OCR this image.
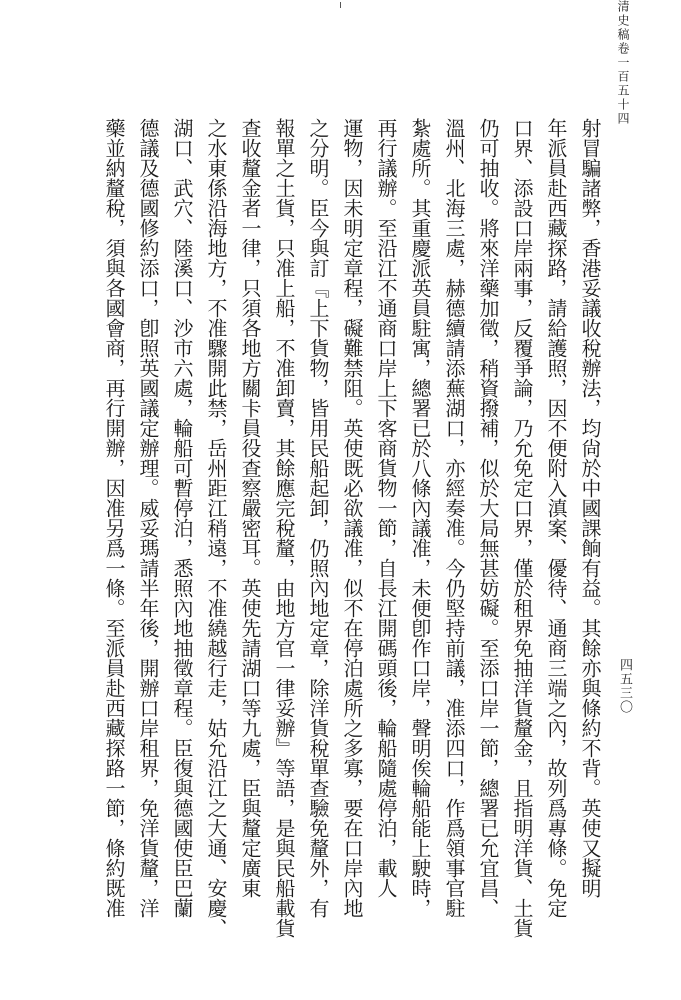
清史稿卷一百五十四
四五三〇
射冒騙諸弊，香港妥議收稅辦法，均尙於中國課餉有益。其餘亦與條約不背。英使又擬明
年派員赴西藏探路，請給護照，因不便附入滇案、優待、通商三端之內，故列爲專條。免定
口界、添設口岸兩事，反覆爭論，乃允免定口界，僅於租界免抽洋貨釐金，且指明洋貨、土貨
仍可抽收。將來洋藥加徵，稍資撥補，似於大局無甚妨礙。至添口岸一節，總署已允宜昌、
溫州、北海三處，赫德續請添蕪湖口，亦經奏准。今仍堅持前議，准添四口，作爲領事官駐
紮處所。其重慶派英員駐寓，總署已於八條內議准，未便卽作口岸，聲明俟輪船能上駛時，
再行議辦。至沿江不通商口岸上下客商貨物一節，自長江開碼頭後，輪船隨處停泊，載人
運物，因未明定章程，礙難禁阻。英使既必欲議准，似不在停泊處所之多寡，要在口岸內地
之分明。臣今與訂『上下貨物，皆用民船起卸，仍照內地定章，除洋貨稅單查驗免釐外，有
報單之土貨，只准上船，不准卸賣，其餘應完稅釐，由地方官一律妥辦』等語，是與民船載貨
查收釐金者一律，只須各地方關卡員役查察嚴密耳。英使先請湖口等九處，臣與釐定廣東
之水東係沿海地方，不准驟開此禁，岳州距江稍遠，不准繞越行走，姑允沿江之大通、安慶、
湖口、武穴、陸溪口、沙市六處，輪船可暫停泊，悉照內地抽徵章程。臣復與德國使臣巴蘭
德議及德國修約添口，卽照英國議定辦理。威妥瑪請半年後，開辦口岸租界，免洋貨釐，洋
藥並納釐稅，須與各國會商，再行開辦，因准另爲一條。至派員赴西藏探路一節，條約既准
